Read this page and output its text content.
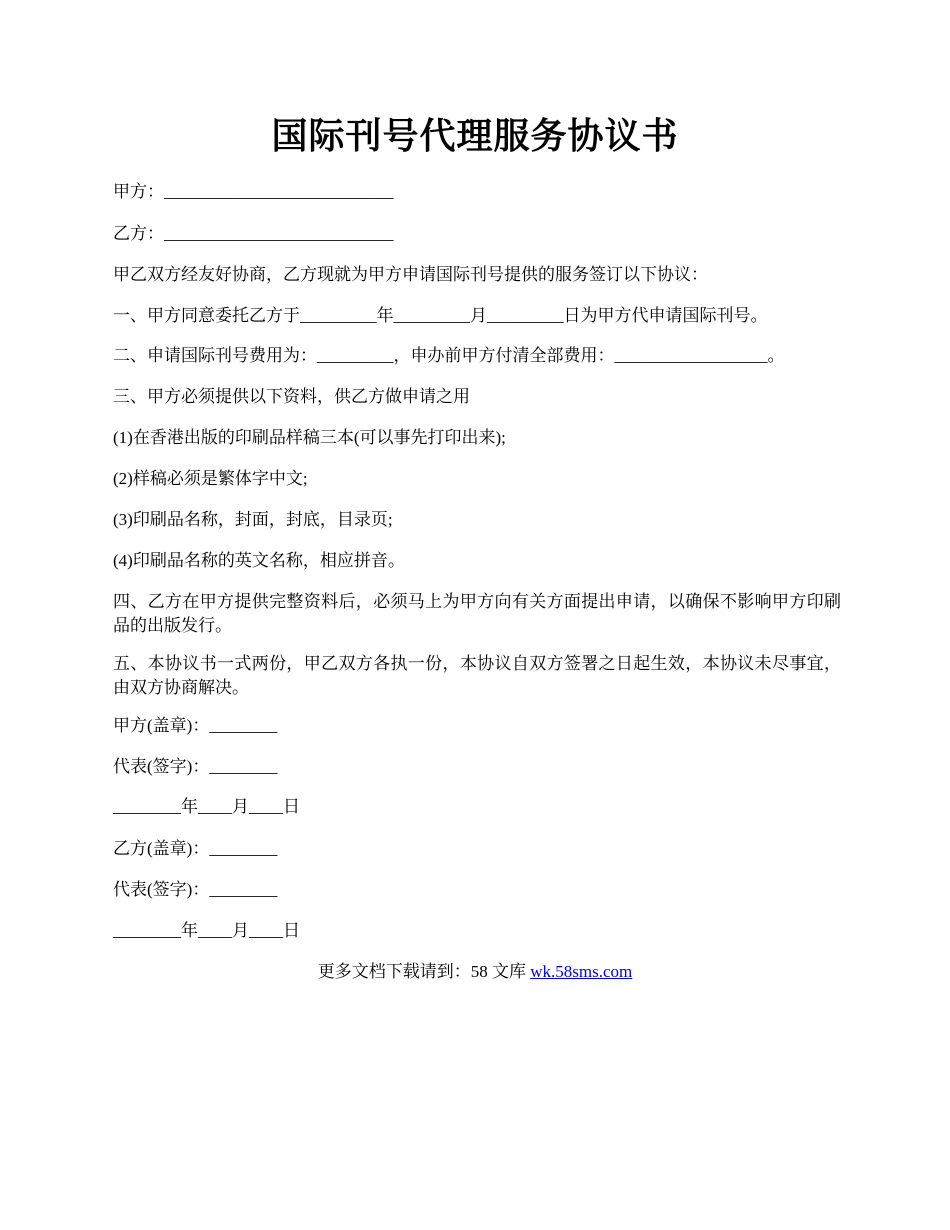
国际刊号代理服务协议书
甲方：___________________________
乙方：___________________________
甲乙双方经友好协商，乙方现就为甲方申请国际刊号提供的服务签订以下协议：
一、甲方同意委托乙方于_________年_________月_________日为甲方代申请国际刊号。
二、申请国际刊号费用为：_________，申办前甲方付清全部费用：__________________。
三、甲方必须提供以下资料，供乙方做申请之用
(1)在香港出版的印刷品样稿三本(可以事先打印出来);
(2)样稿必须是繁体字中文;
(3)印刷品名称，封面，封底，目录页;
(4)印刷品名称的英文名称，相应拼音。
四、乙方在甲方提供完整资料后，必须马上为甲方向有关方面提出申请，以确保不影响甲方印刷品的出版发行。
五、本协议书一式两份，甲乙双方各执一份，本协议自双方签署之日起生效，本协议未尽事宜，由双方协商解决。
甲方(盖章)：________
代表(签字)：________
________年____月____日
乙方(盖章)：________
代表(签字)：________
________年____月____日
更多文档下载请到：58 文库 wk.58sms.com
